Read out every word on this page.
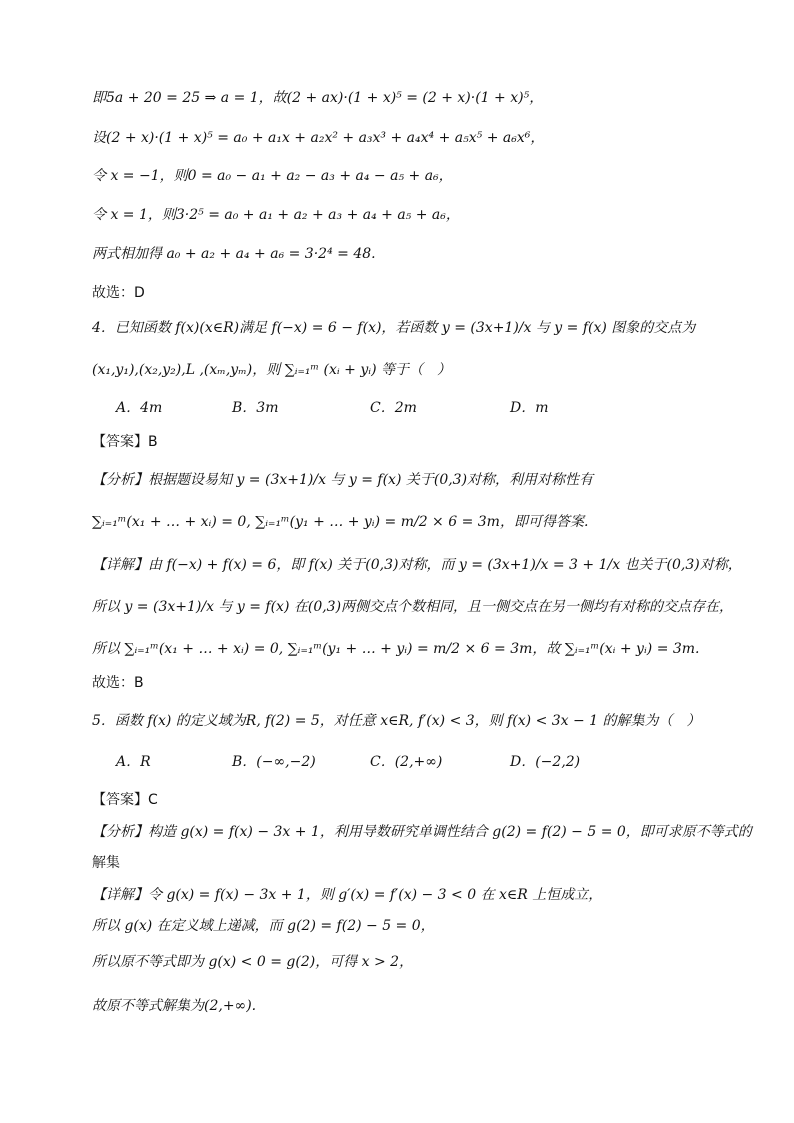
即5a + 20 = 25 ⇒ a = 1，故(2 + ax)·(1 + x)⁵ = (2 + x)·(1 + x)⁵，
设(2 + x)·(1 + x)⁵ = a₀ + a₁x + a₂x² + a₃x³ + a₄x⁴ + a₅x⁵ + a₆x⁶，
令 x = −1，则0 = a₀ − a₁ + a₂ − a₃ + a₄ − a₅ + a₆，
令 x = 1，则3·2⁵ = a₀ + a₁ + a₂ + a₃ + a₄ + a₅ + a₆，
两式相加得 a₀ + a₂ + a₄ + a₆ = 3·2⁴ = 48.
故选：D
4．已知函数 f(x)(x∈R)满足 f(−x) = 6 − f(x)，若函数 y = (3x+1)/x 与 y = f(x) 图象的交点为
(x₁,y₁),(x₂,y₂),L ,(xₘ,yₘ)，则 ∑ᵢ₌₁ᵐ (xᵢ + yᵢ) 等于（　）
A．4m	B．3m	C．2m	D．m
【答案】B
【分析】根据题设易知 y = (3x+1)/x 与 y = f(x) 关于(0,3)对称，利用对称性有
∑ᵢ₌₁ᵐ(x₁ + … + xᵢ) = 0, ∑ᵢ₌₁ᵐ(y₁ + … + yᵢ) = m/2 × 6 = 3m，即可得答案.
【详解】由 f(−x) + f(x) = 6，即 f(x) 关于(0,3)对称，而 y = (3x+1)/x = 3 + 1/x 也关于(0,3)对称，
所以 y = (3x+1)/x 与 y = f(x) 在(0,3)两侧交点个数相同，且一侧交点在另一侧均有对称的交点存在，
所以 ∑ᵢ₌₁ᵐ(x₁ + … + xᵢ) = 0, ∑ᵢ₌₁ᵐ(y₁ + … + yᵢ) = m/2 × 6 = 3m，故 ∑ᵢ₌₁ᵐ(xᵢ + yᵢ) = 3m.
故选：B
5．函数 f(x) 的定义域为R, f(2) = 5，对任意 x∈R, f′(x) < 3，则 f(x) < 3x − 1 的解集为（　）
A．R	B．(−∞,−2)	C．(2,+∞)	D．(−2,2)
【答案】C
【分析】构造 g(x) = f(x) − 3x + 1，利用导数研究单调性结合 g(2) = f(2) − 5 = 0，即可求原不等式的
解集
【详解】令 g(x) = f(x) − 3x + 1，则 g′(x) = f′(x) − 3 < 0 在 x∈R 上恒成立，
所以 g(x) 在定义域上递减，而 g(2) = f(2) − 5 = 0，
所以原不等式即为 g(x) < 0 = g(2)，可得 x > 2，
故原不等式解集为(2,+∞).
